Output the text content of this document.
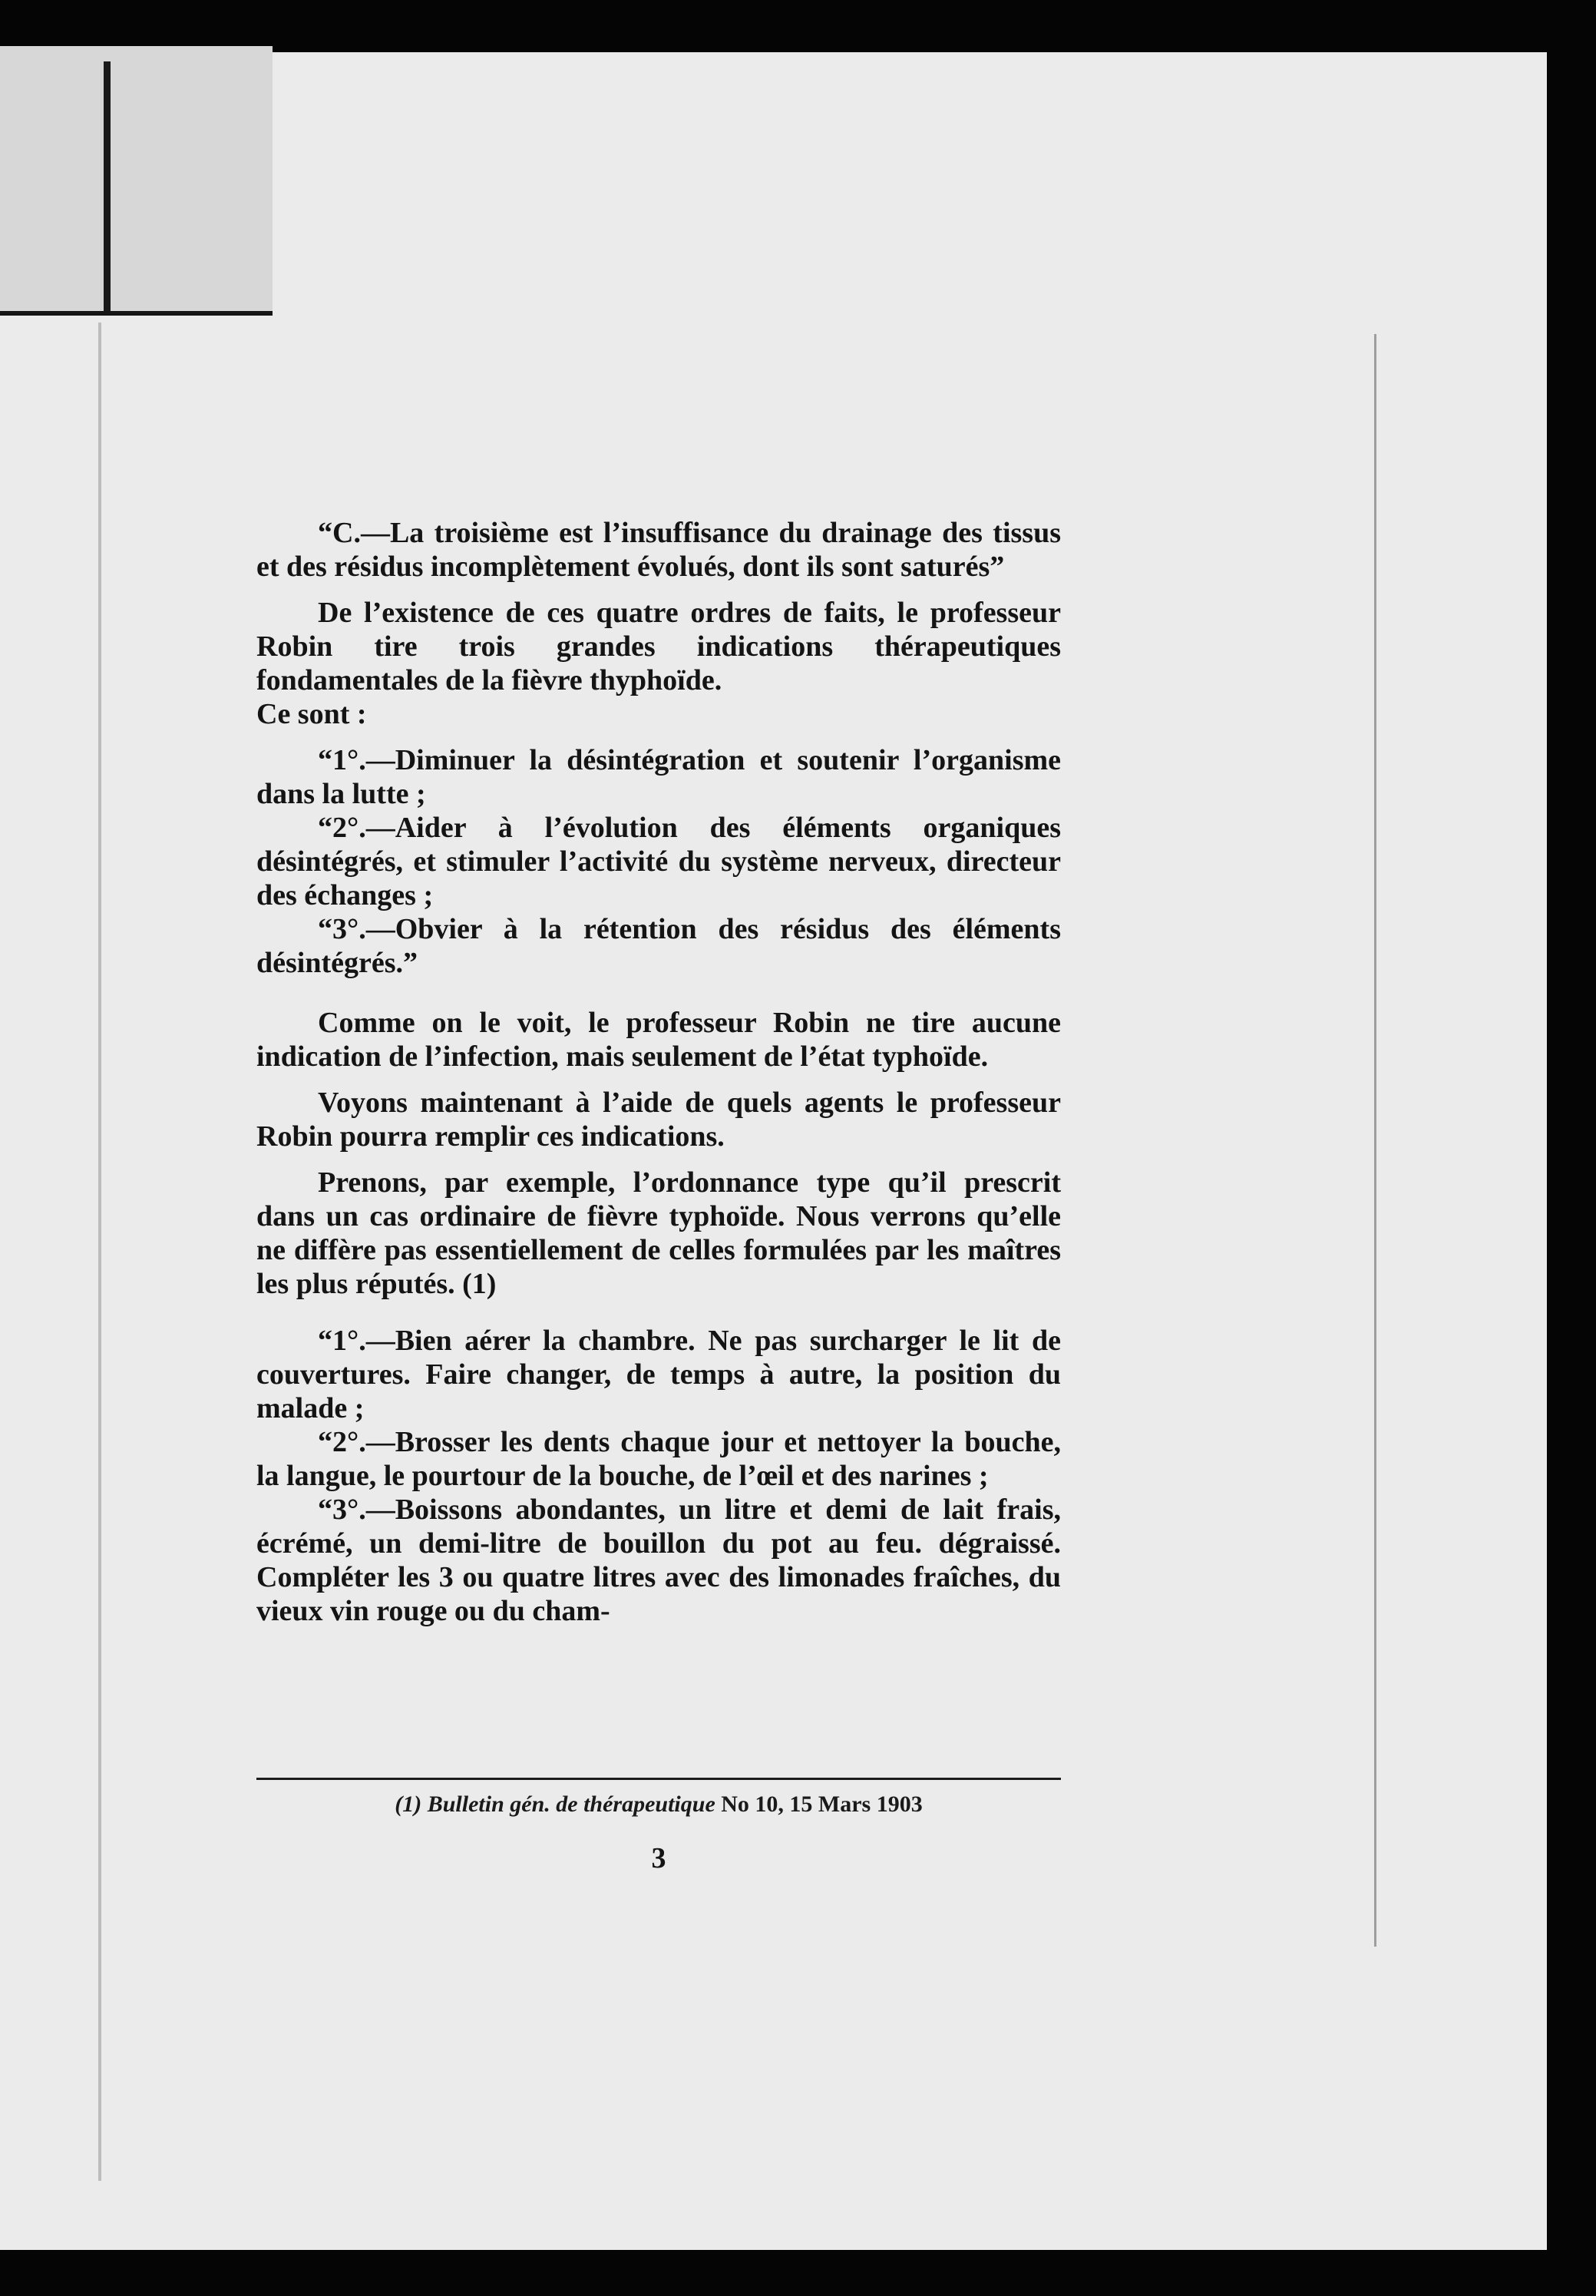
“C.—La troisième est l’insuffisance du drainage des tissus et des résidus incomplètement évolués, dont ils sont saturés”

De l’existence de ces quatre ordres de faits, le professeur Robin tire trois grandes indications thérapeutiques fondamentales de la fièvre thyphoïde.

Ce sont :

“1°.—Diminuer la désintégration et soutenir l’organisme dans la lutte ;

“2°.—Aider à l’évolution des éléments organiques désintégrés, et stimuler l’activité du système nerveux, directeur des échanges ;

“3°.—Obvier à la rétention des résidus des éléments désintégrés.”

Comme on le voit, le professeur Robin ne tire aucune indication de l’infection, mais seulement de l’état typhoïde.

Voyons maintenant à l’aide de quels agents le professeur Robin pourra remplir ces indications.

Prenons, par exemple, l’ordonnance type qu’il prescrit dans un cas ordinaire de fièvre typhoïde. Nous verrons qu’elle ne diffère pas essentiellement de celles formulées par les maîtres les plus réputés. (1)

“1°.—Bien aérer la chambre. Ne pas surcharger le lit de couvertures. Faire changer, de temps à autre, la position du malade ;

“2°.—Brosser les dents chaque jour et nettoyer la bouche, la langue, le pourtour de la bouche, de l’œil et des narines ;

“3°.—Boissons abondantes, un litre et demi de lait frais, écrémé, un demi-litre de bouillon du pot au feu. dégraissé. Compléter les 3 ou quatre litres avec des limonades fraîches, du vieux vin rouge ou du cham-

(1) Bulletin gén. de thérapeutique No 10, 15 Mars 1903
3
